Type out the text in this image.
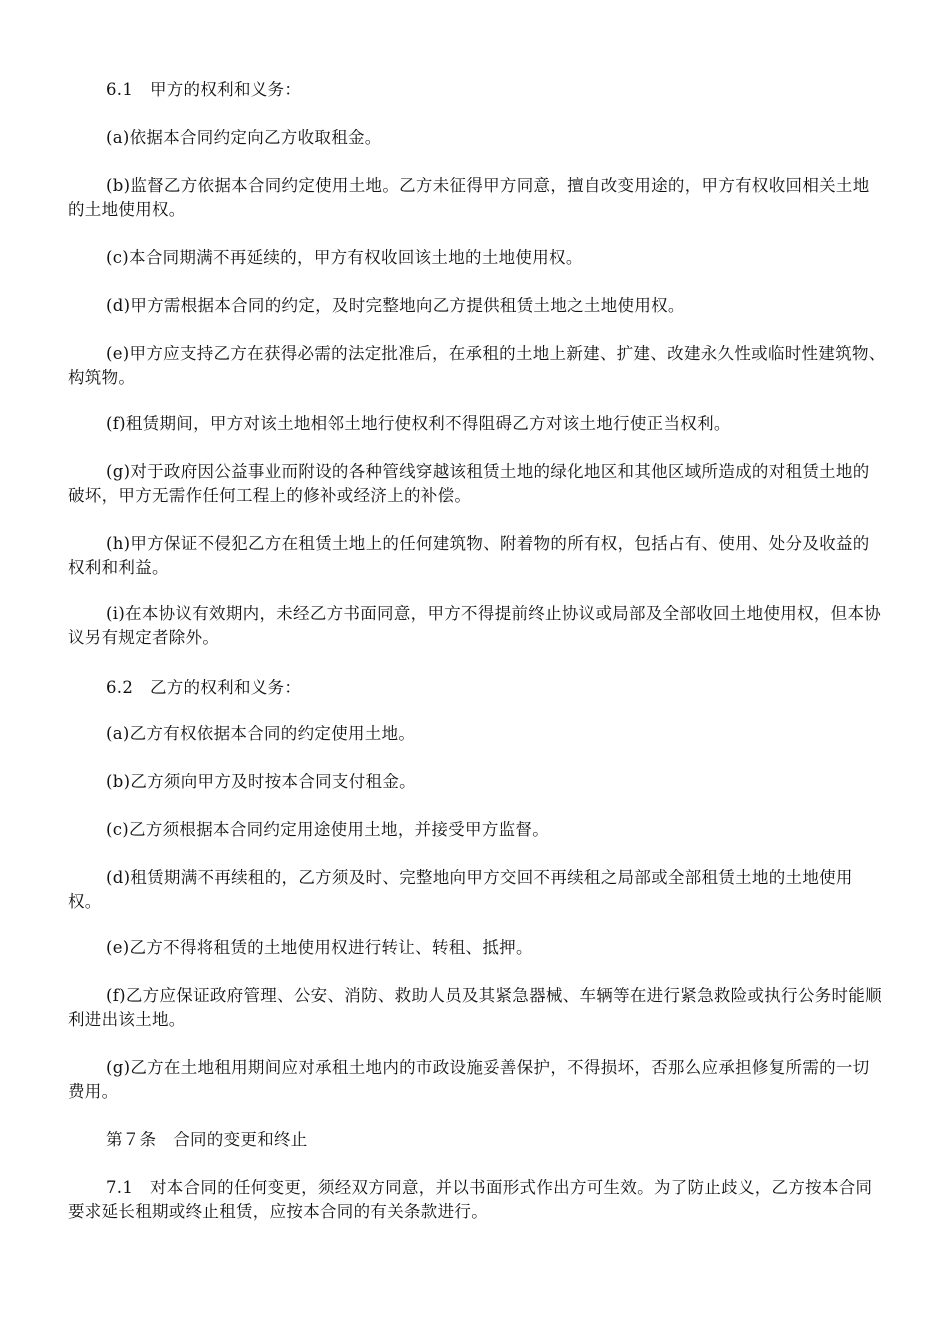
6.1　甲方的权利和义务：

(a)依据本合同约定向乙方收取租金。

(b)监督乙方依据本合同约定使用土地。乙方未征得甲方同意，擅自改变用途的，甲方有权收回相关土地的土地使用权。

(c)本合同期满不再延续的，甲方有权收回该土地的土地使用权。

(d)甲方需根据本合同的约定，及时完整地向乙方提供租赁土地之土地使用权。

(e)甲方应支持乙方在获得必需的法定批准后，在承租的土地上新建、扩建、改建永久性或临时性建筑物、构筑物。

(f)租赁期间，甲方对该土地相邻土地行使权利不得阻碍乙方对该土地行使正当权利。

(g)对于政府因公益事业而附设的各种管线穿越该租赁土地的绿化地区和其他区域所造成的对租赁土地的破坏，甲方无需作任何工程上的修补或经济上的补偿。

(h)甲方保证不侵犯乙方在租赁土地上的任何建筑物、附着物的所有权，包括占有、使用、处分及收益的权利和利益。

(i)在本协议有效期内，未经乙方书面同意，甲方不得提前终止协议或局部及全部收回土地使用权，但本协议另有规定者除外。

6.2　乙方的权利和义务：

(a)乙方有权依据本合同的约定使用土地。

(b)乙方须向甲方及时按本合同支付租金。

(c)乙方须根据本合同约定用途使用土地，并接受甲方监督。

(d)租赁期满不再续租的，乙方须及时、完整地向甲方交回不再续租之局部或全部租赁土地的土地使用权。

(e)乙方不得将租赁的土地使用权进行转让、转租、抵押。

(f)乙方应保证政府管理、公安、消防、救助人员及其紧急器械、车辆等在进行紧急救险或执行公务时能顺利进出该土地。

(g)乙方在土地租用期间应对承租土地内的市政设施妥善保护，不得损坏，否那么应承担修复所需的一切费用。

第７条　合同的变更和终止

7.1　对本合同的任何变更，须经双方同意，并以书面形式作出方可生效。为了防止歧义，乙方按本合同要求延长租期或终止租赁，应按本合同的有关条款进行。
